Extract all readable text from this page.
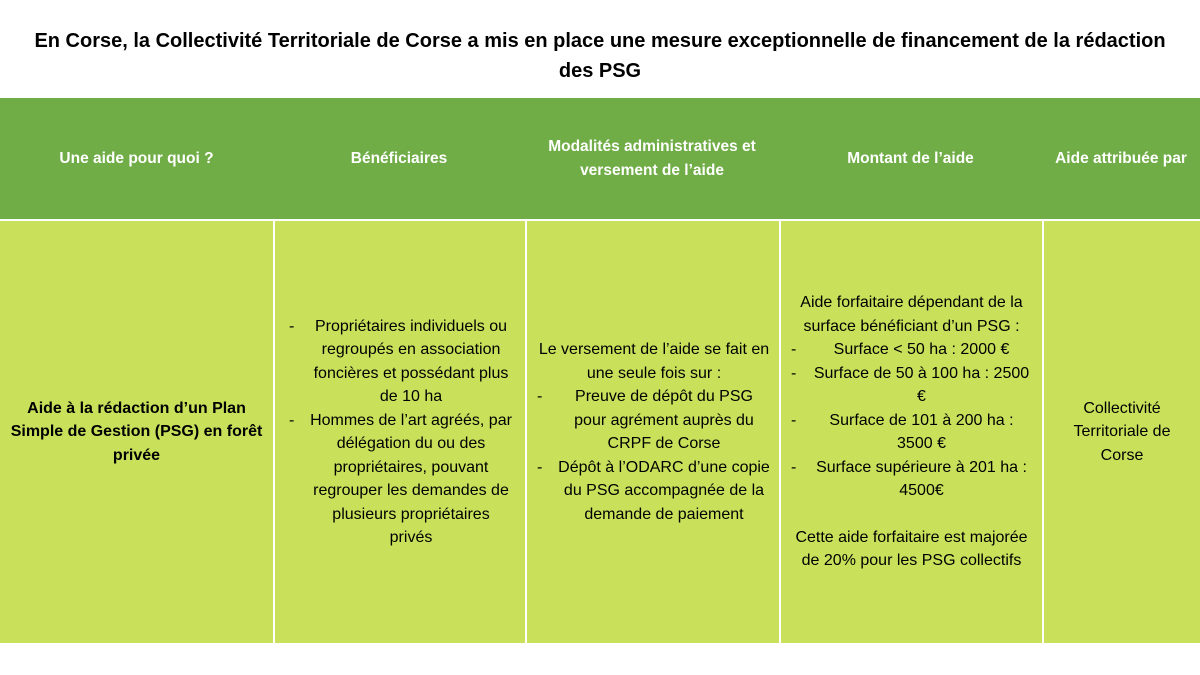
En Corse, la Collectivité Territoriale de Corse a mis en place une mesure exceptionnelle de financement de la rédaction des PSG
Une aide pour quoi ?	Bénéficiaires
Modalités administratives et versement de l’aide
Montant de l’aide	Aide attribuée par
Aide à la rédaction d’un Plan Simple de Gestion (PSG) en forêt privée
- Propriétaires individuels ou regroupés en association foncières et possédant plus de 10 ha
- Hommes de l’art agréés, par délégation du ou des propriétaires, pouvant regrouper les demandes de plusieurs propriétaires privés
Le versement de l’aide se fait en une seule fois sur :
- Preuve de dépôt du PSG pour agrément auprès du CRPF de Corse
- Dépôt à l’ODARC d’une copie du PSG accompagnée de la demande de paiement
Aide forfaitaire dépendant de la surface bénéficiant d’un PSG :
- Surface < 50 ha : 2000 €
- Surface de 50 à 100 ha : 2500 €
- Surface de 101 à 200 ha : 3500 €
- Surface supérieure à 201 ha : 4500€
Cette aide forfaitaire est majorée de 20% pour les PSG collectifs
Collectivité Territoriale de Corse
